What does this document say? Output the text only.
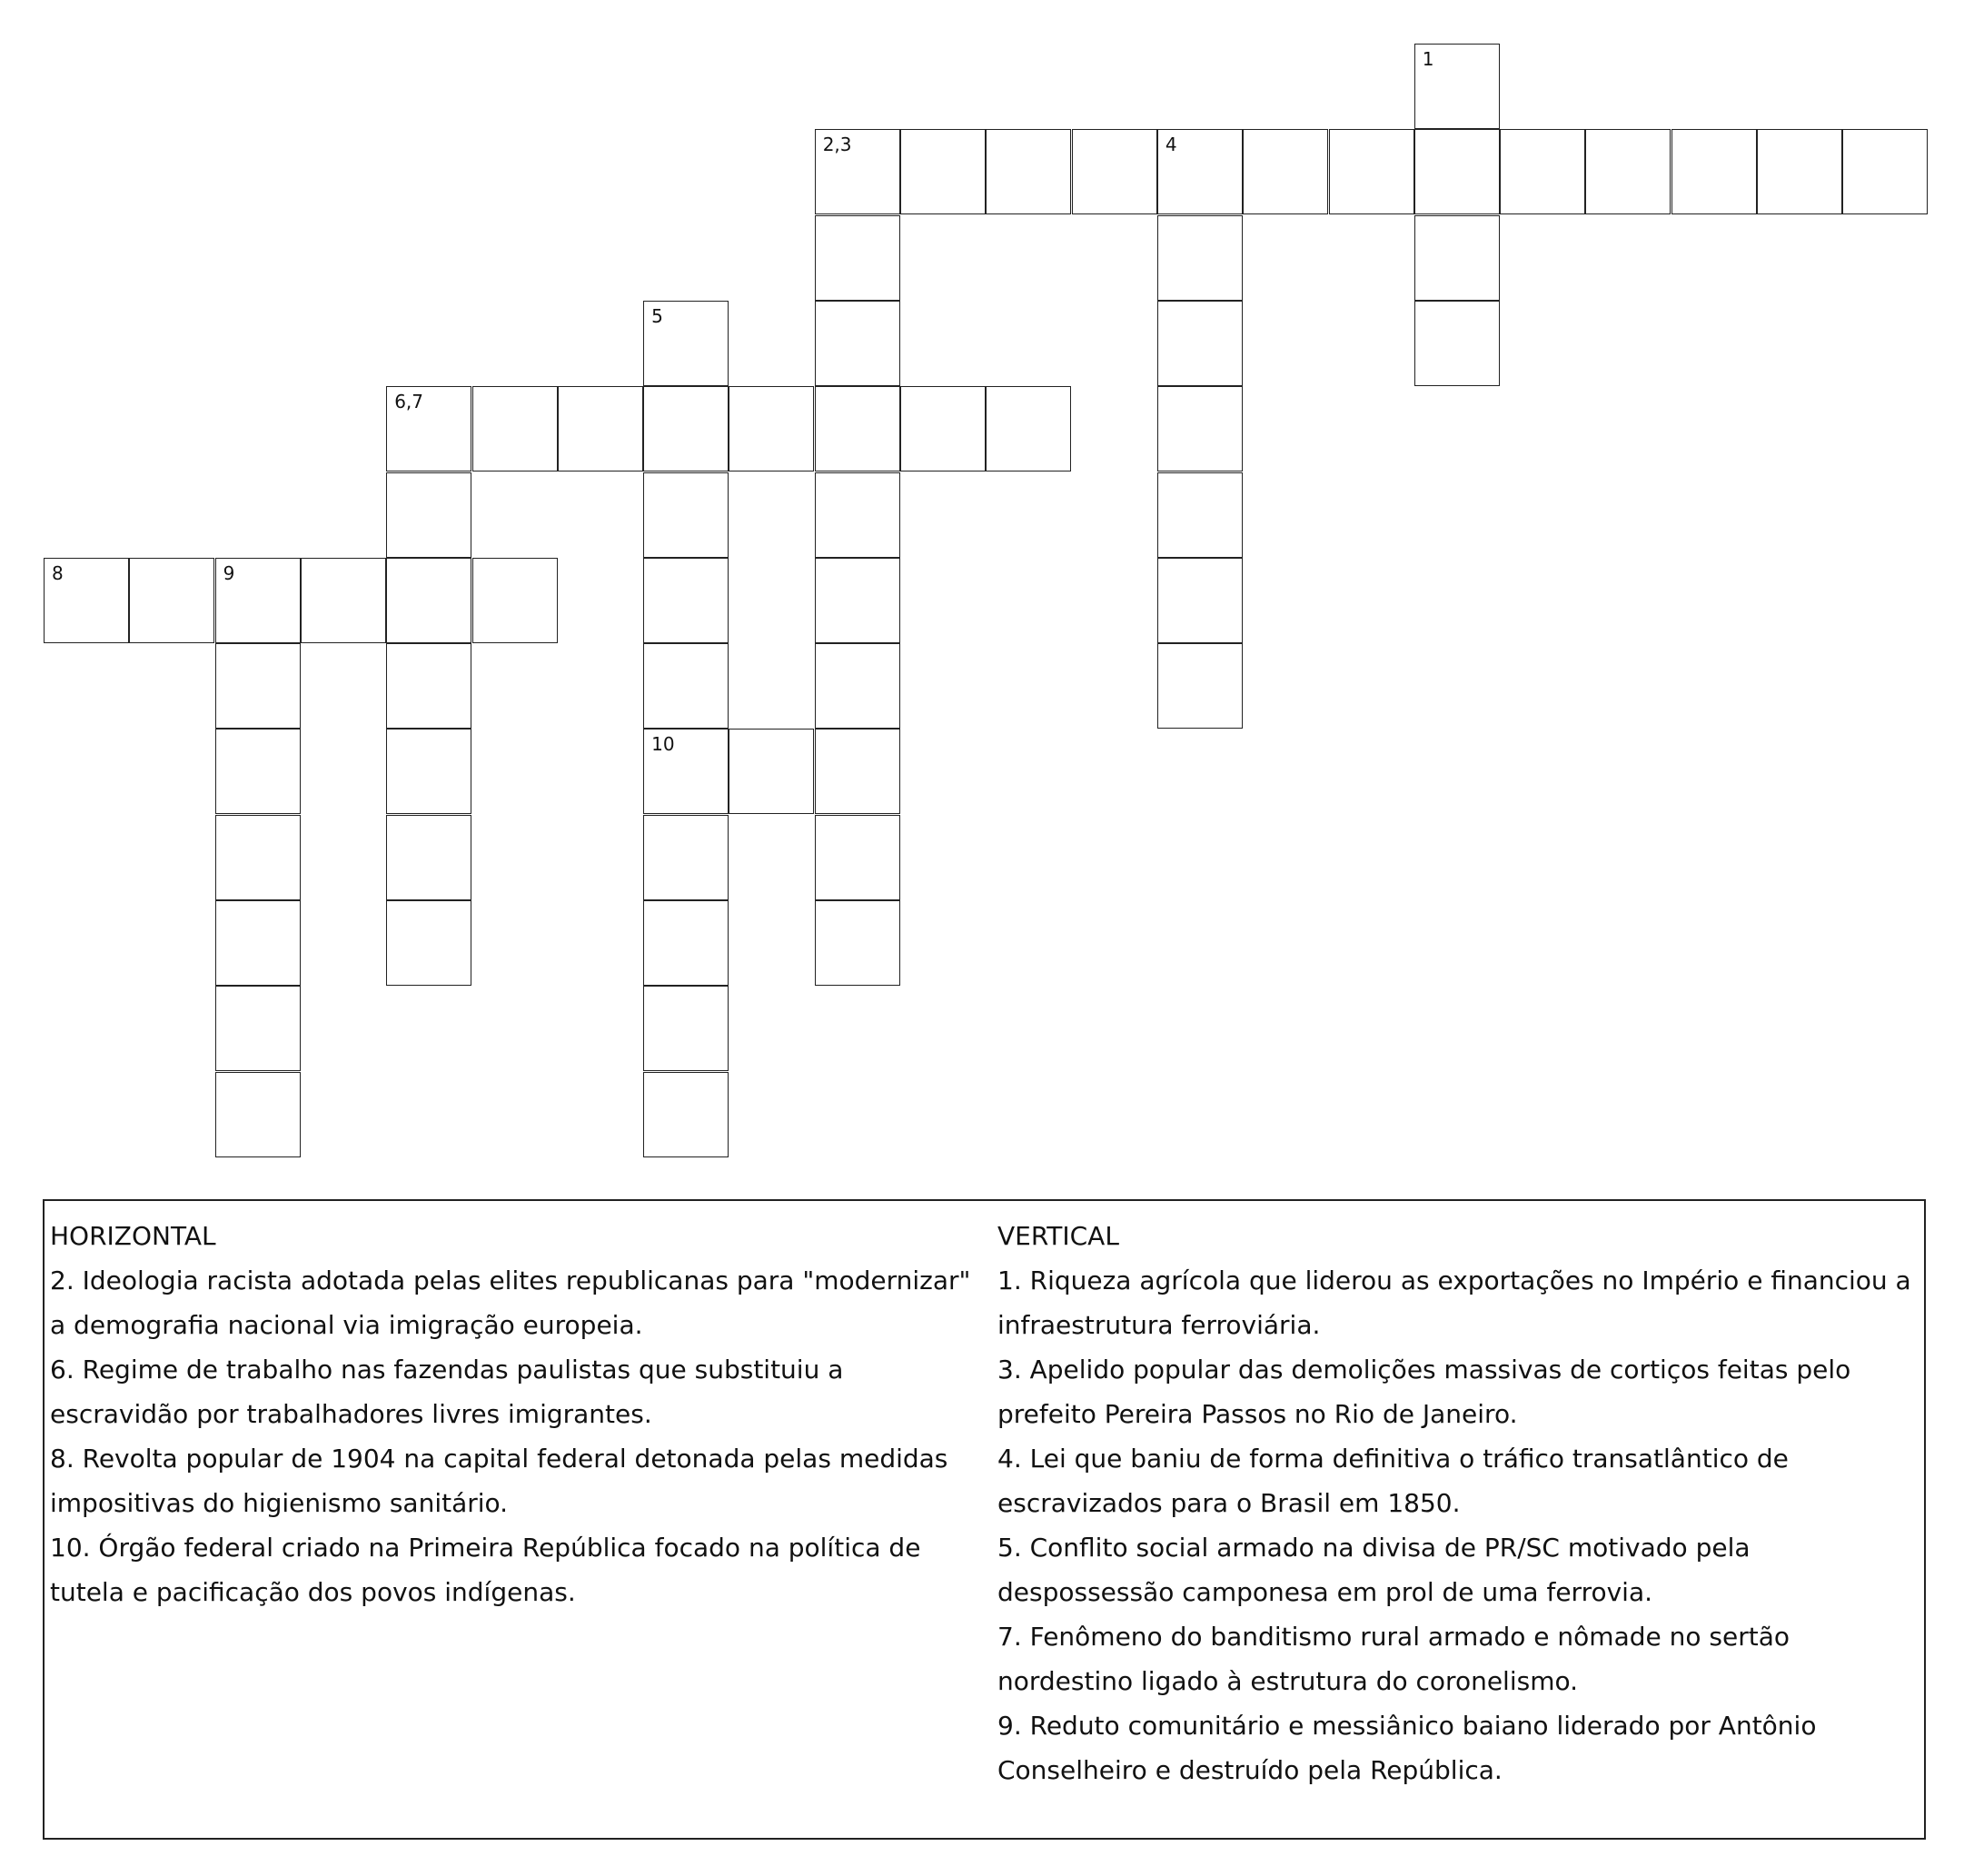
1
2,3	4
5
6,7
8	9
10
HORIZONTAL
2. Ideologia racista adotada pelas elites republicanas para "modernizar" a demografia nacional via imigração europeia.
6. Regime de trabalho nas fazendas paulistas que substituiu a escravidão por trabalhadores livres imigrantes.
8. Revolta popular de 1904 na capital federal detonada pelas medidas impositivas do higienismo sanitário.
10. Órgão federal criado na Primeira República focado na política de tutela e pacificação dos povos indígenas.
VERTICAL
1. Riqueza agrícola que liderou as exportações no Império e financiou a infraestrutura ferroviária.
3. Apelido popular das demolições massivas de cortiços feitas pelo prefeito Pereira Passos no Rio de Janeiro.
4. Lei que baniu de forma definitiva o tráfico transatlântico de escravizados para o Brasil em 1850.
5. Conflito social armado na divisa de PR/SC motivado pela despossessão camponesa em prol de uma ferrovia.
7. Fenômeno do banditismo rural armado e nômade no sertão nordestino ligado à estrutura do coronelismo.
9. Reduto comunitário e messiânico baiano liderado por Antônio Conselheiro e destruído pela República.
